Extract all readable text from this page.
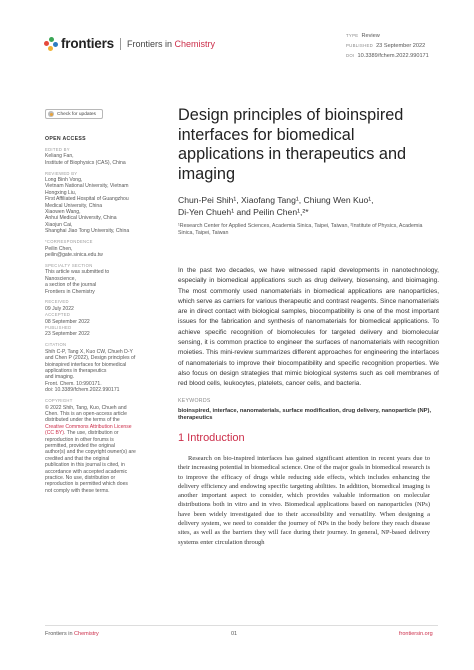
frontiers Frontiers in Chemistry
TYPE Review
PUBLISHED 23 September 2022
DOI 10.3389/fchem.2022.990171
Check for updates
OPEN ACCESS
EDITED BY
Keliang Fan,
Institute of Biophysics (CAS), China
REVIEWED BY
Long Binh Vong,
Vietnam National University, Vietnam
Hongxing Liu,
First Affiliated Hospital of Guangzhou
Medical University, China
Xiaowen Wang,
Anhui Medical University, China
Xiaojun Cai,
Shanghai Jiao Tong University, China
*CORRESPONDENCE
Peilin Chen,
peilin@gate.sinica.edu.tw
SPECIALTY SECTION
This article was submitted to
Nanoscience,
a section of the journal
Frontiers in Chemistry
RECEIVED
09 July 2022
ACCEPTED
08 September 2022
PUBLISHED
23 September 2022
CITATION
Shih C-P, Tang X, Kuo CW, Chueh D-Y
and Chen P (2022), Design principles of
bioinspired interfaces for biomedical
applications in therapeutics
and imaging.
Front. Chem. 10:990171.
doi: 10.3389/fchem.2022.990171
COPYRIGHT
© 2022 Shih, Tang, Kuo, Chueh and
Chen. This is an open-access article
distributed under the terms of the
Creative Commons Attribution License
(CC BY). The use, distribution or
reproduction in other forums is
permitted, provided the original
author(s) and the copyright owner(s) are
credited and that the original
publication in this journal is cited, in
accordance with accepted academic
practice. No use, distribution or
reproduction is permitted which does
not comply with these terms.
Design principles of bioinspired interfaces for biomedical applications in therapeutics and imaging
Chun-Pei Shih¹, Xiaofang Tang¹, Chiung Wen Kuo¹,
Di-Yen Chueh¹ and Peilin Chen¹,²*
¹Research Center for Applied Sciences, Academia Sinica, Taipei, Taiwan, ²Institute of Physics, Academia Sinica, Taipei, Taiwan
In the past two decades, we have witnessed rapid developments in nanotechnology, especially in biomedical applications such as drug delivery, biosensing, and bioimaging. The most commonly used nanomaterials in biomedical applications are nanoparticles, which serve as carriers for various therapeutic and contrast reagents. Since nanomaterials are in direct contact with biological samples, biocompatibility is one of the most important issues for the fabrication and synthesis of nanomaterials for biomedical applications. To achieve specific recognition of biomolecules for targeted delivery and biomolecular sensing, it is common practice to engineer the surfaces of nanomaterials with recognition moieties. This mini-review summarizes different approaches for engineering the interfaces of nanomaterials to improve their biocompatibility and specific recognition properties. We also focus on design strategies that mimic biological systems such as cell membranes of red blood cells, leukocytes, platelets, cancer cells, and bacteria.
KEYWORDS
bioinspired, interface, nanomaterials, surface modification, drug delivery, nanoparticle (NP), therapeutics
1 Introduction

Research on bio-inspired interfaces has gained significant attention in recent years due to their increasing potential in biomedical science. One of the major goals in biomedical research is to improve the efficacy of drugs while reducing side effects, which includes enhancing the delivery efficiency and endowing specific targeting abilities. In addition, biomedical imaging is another important aspect to consider, which provides valuable information on molecular distributions both in vitro and in vivo. Biomedical applications based on nanoparticles (NPs) have been widely investigated due to their accessibility and versatility. When designing a delivery system, we need to consider the journey of NPs in the body before they reach disease sites, as well as the barriers they will face during their journey. In general, NP-based delivery systems enter circulation through

Frontiers in Chemistry	01	frontiersin.org
